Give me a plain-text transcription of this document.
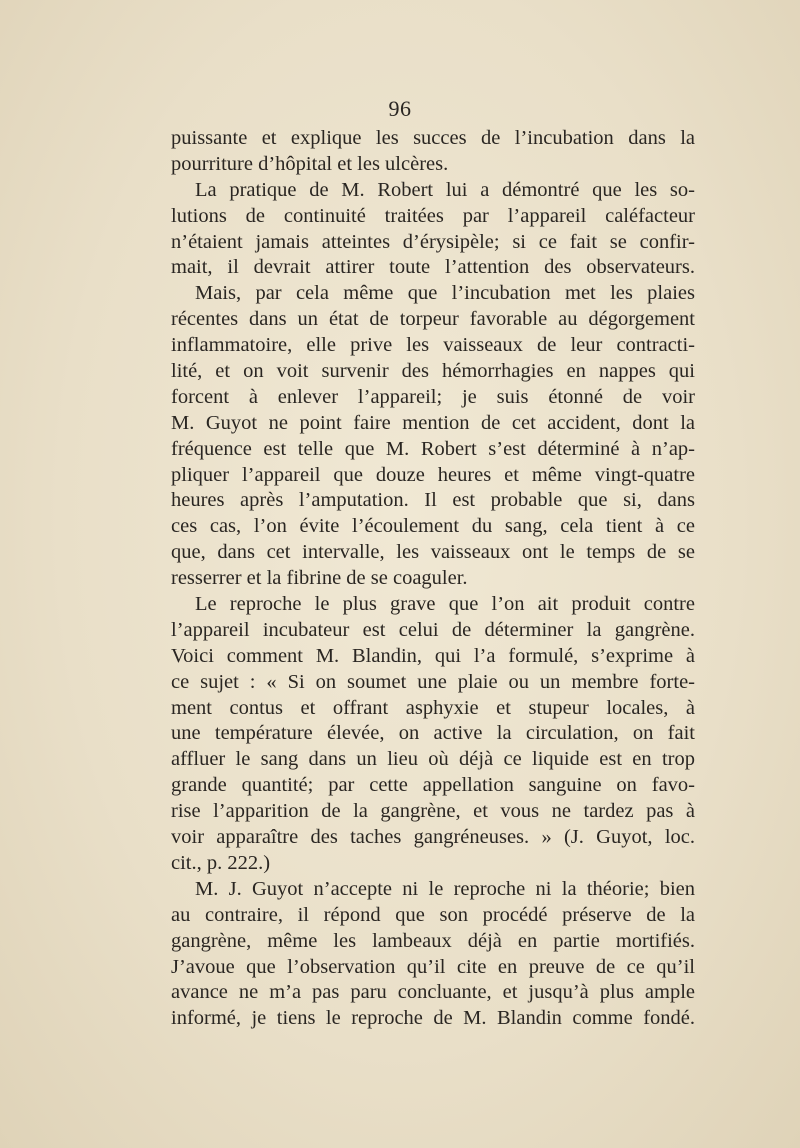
96
puissante et explique les succes de l’incubation dans la
pourriture d’hôpital et les ulcères.
La pratique de M. Robert lui a démontré que les so-
lutions de continuité traitées par l’appareil caléfacteur
n’étaient jamais atteintes d’érysipèle; si ce fait se confir-
mait, il devrait attirer toute l’attention des observateurs.
Mais, par cela même que l’incubation met les plaies
récentes dans un état de torpeur favorable au dégorgement
inflammatoire, elle prive les vaisseaux de leur contracti-
lité, et on voit survenir des hémorrhagies en nappes qui
forcent à enlever l’appareil; je suis étonné de voir
M. Guyot ne point faire mention de cet accident, dont la
fréquence est telle que M. Robert s’est déterminé à n’ap-
pliquer l’appareil que douze heures et même vingt-quatre
heures après l’amputation. Il est probable que si, dans
ces cas, l’on évite l’écoulement du sang, cela tient à ce
que, dans cet intervalle, les vaisseaux ont le temps de se
resserrer et la fibrine de se coaguler.
Le reproche le plus grave que l’on ait produit contre
l’appareil incubateur est celui de déterminer la gangrène.
Voici comment M. Blandin, qui l’a formulé, s’exprime à
ce sujet : « Si on soumet une plaie ou un membre forte-
ment contus et offrant asphyxie et stupeur locales, à
une température élevée, on active la circulation, on fait
affluer le sang dans un lieu où déjà ce liquide est en trop
grande quantité; par cette appellation sanguine on favo-
rise l’apparition de la gangrène, et vous ne tardez pas à
voir apparaître des taches gangréneuses. » (J. Guyot, loc.
cit., p. 222.)
M. J. Guyot n’accepte ni le reproche ni la théorie; bien
au contraire, il répond que son procédé préserve de la
gangrène, même les lambeaux déjà en partie mortifiés.
J’avoue que l’observation qu’il cite en preuve de ce qu’il
avance ne m’a pas paru concluante, et jusqu’à plus ample
informé, je tiens le reproche de M. Blandin comme fondé.
